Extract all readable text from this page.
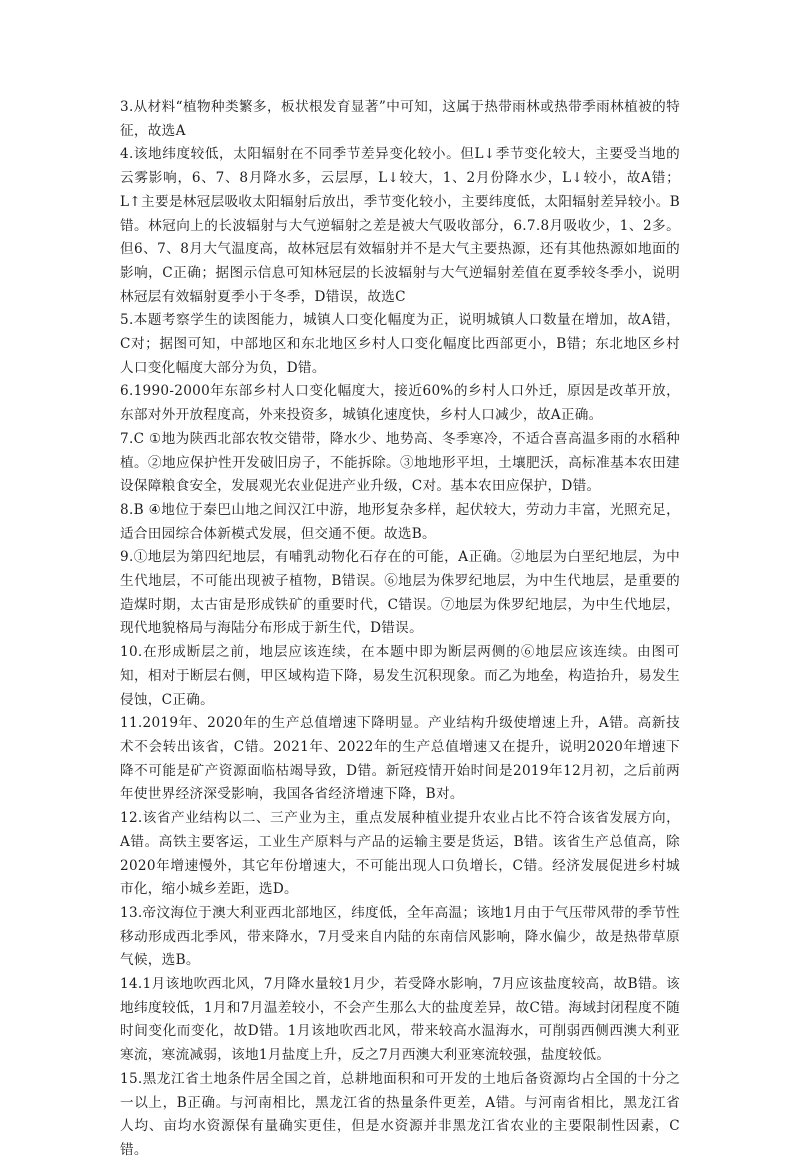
3.从材料“植物种类繁多，板状根发育显著”中可知，这属于热带雨林或热带季雨林植被的特征，故选A

4.该地纬度较低，太阳辐射在不同季节差异变化较小。但L↓季节变化较大，主要受当地的云雾影响，6、7、8月降水多，云层厚，L↓较大，1、2月份降水少，L↓较小，故A错；L↑主要是林冠层吸收太阳辐射后放出，季节变化较小，主要纬度低，太阳辐射差异较小。B错。林冠向上的长波辐射与大气逆辐射之差是被大气吸收部分，6.7.8月吸收少，1、2多。但6、7、8月大气温度高，故林冠层有效辐射并不是大气主要热源，还有其他热源如地面的影响，C正确；据图示信息可知林冠层的长波辐射与大气逆辐射差值在夏季较冬季小，说明林冠层有效辐射夏季小于冬季，D错误，故选C

5.本题考察学生的读图能力，城镇人口变化幅度为正，说明城镇人口数量在增加，故A错，C对；据图可知，中部地区和东北地区乡村人口变化幅度比西部更小，B错；东北地区乡村人口变化幅度大部分为负，D错。

6.1990-2000年东部乡村人口变化幅度大，接近60%的乡村人口外迁，原因是改革开放，东部对外开放程度高，外来投资多，城镇化速度快，乡村人口减少，故A正确。

7.C ①地为陕西北部农牧交错带，降水少、地势高、冬季寒冷，不适合喜高温多雨的水稻种植。②地应保护性开发破旧房子，不能拆除。③地地形平坦，土壤肥沃，高标准基本农田建设保障粮食安全，发展观光农业促进产业升级，C对。基本农田应保护，D错。

8.B ④地位于秦巴山地之间汉江中游，地形复杂多样，起伏较大，劳动力丰富，光照充足，适合田园综合体新模式发展，但交通不便。故选B。

9.①地层为第四纪地层，有哺乳动物化石存在的可能，A正确。②地层为白垩纪地层，为中生代地层，不可能出现被子植物，B错误。⑥地层为侏罗纪地层，为中生代地层，是重要的造煤时期，太古宙是形成铁矿的重要时代，C错误。⑦地层为侏罗纪地层，为中生代地层，现代地貌格局与海陆分布形成于新生代，D错误。

10.在形成断层之前，地层应该连续，在本题中即为断层两侧的⑥地层应该连续。由图可知，相对于断层右侧，甲区域构造下降，易发生沉积现象。而乙为地垒，构造抬升，易发生侵蚀，C正确。

11.2019年、2020年的生产总值增速下降明显。产业结构升级使增速上升，A错。高新技术不会转出该省，C错。2021年、2022年的生产总值增速又在提升，说明2020年增速下降不可能是矿产资源面临枯竭导致，D错。新冠疫情开始时间是2019年12月初，之后前两年使世界经济深受影响，我国各省经济增速下降，B对。

12.该省产业结构以二、三产业为主，重点发展种植业提升农业占比不符合该省发展方向，A错。高铁主要客运，工业生产原料与产品的运输主要是货运，B错。该省生产总值高，除2020年增速慢外，其它年份增速大，不可能出现人口负增长，C错。经济发展促进乡村城市化，缩小城乡差距，选D。

13.帝汶海位于澳大利亚西北部地区，纬度低，全年高温；该地1月由于气压带风带的季节性移动形成西北季风，带来降水，7月受来自内陆的东南信风影响，降水偏少，故是热带草原气候，选B。

14.1月该地吹西北风，7月降水量较1月少，若受降水影响，7月应该盐度较高，故B错。该地纬度较低，1月和7月温差较小，不会产生那么大的盐度差异，故C错。海域封闭程度不随时间变化而变化，故D错。1月该地吹西北风，带来较高水温海水，可削弱西侧西澳大利亚寒流，寒流减弱，该地1月盐度上升，反之7月西澳大利亚寒流较强，盐度较低。

15.黑龙江省土地条件居全国之首，总耕地面积和可开发的土地后备资源均占全国的十分之一以上，B正确。与河南相比，黑龙江省的热量条件更差，A错。与河南省相比，黑龙江省人均、亩均水资源保有量确实更佳，但是水资源并非黑龙江省农业的主要限制性因素，C错。
